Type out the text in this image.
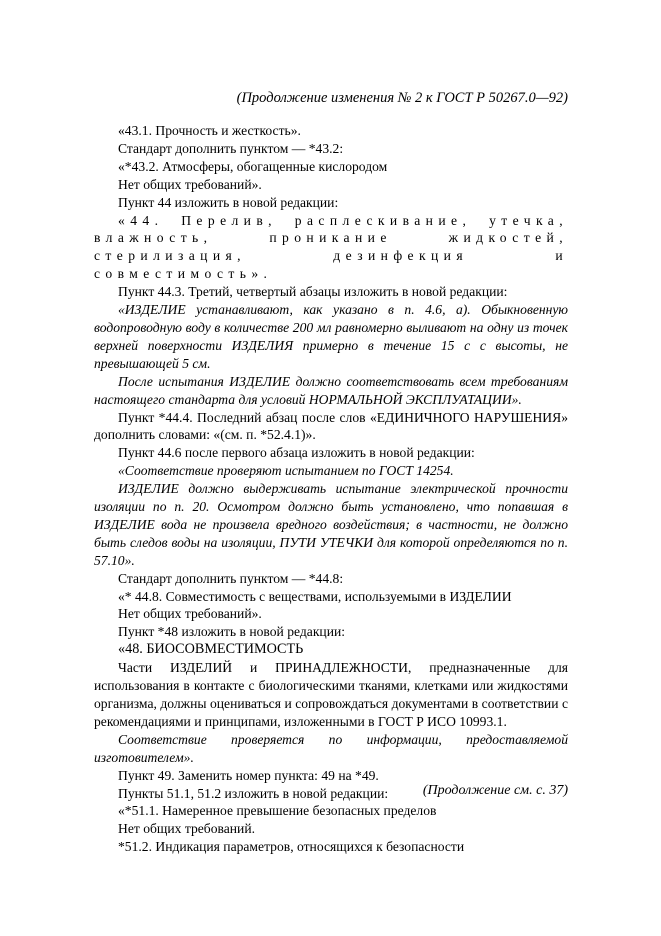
(Продолжение изменения № 2 к ГОСТ Р 50267.0—92)

«43.1. Прочность и жесткость».

Стандарт дополнить пунктом — *43.2:

«*43.2. Атмосферы, обогащенные кислородом

Нет общих требований».

Пункт 44 изложить в новой редакции:

«44. Перелив, расплескивание, утечка, влажность, проникание жидкостей, стерилизация, дезинфекция и совместимость».

Пункт 44.3. Третий, четвертый абзацы изложить в новой редакции:

«ИЗДЕЛИЕ устанавливают, как указано в п. 4.6, а). Обыкновенную водопроводную воду в количестве 200 мл равномерно выливают на одну из точек верхней поверхности ИЗДЕЛИЯ примерно в течение 15 с с высоты, не превышающей 5 см.

После испытания ИЗДЕЛИЕ должно соответствовать всем требованиям настоящего стандарта для условий НОРМАЛЬНОЙ ЭКСПЛУАТАЦИИ».

Пункт *44.4. Последний абзац после слов «ЕДИНИЧНОГО НАРУШЕНИЯ» дополнить словами: «(см. п. *52.4.1)».

Пункт 44.6 после первого абзаца изложить в новой редакции:

«Соответствие проверяют испытанием по ГОСТ 14254.

ИЗДЕЛИЕ должно выдерживать испытание электрической прочности изоляции по п. 20. Осмотром должно быть установлено, что попавшая в ИЗДЕЛИЕ вода не произвела вредного воздействия; в частности, не должно быть следов воды на изоляции, ПУТИ УТЕЧКИ для которой определяются по п. 57.10».

Стандарт дополнить пунктом — *44.8:

«* 44.8. Совместимость с веществами, используемыми в ИЗДЕЛИИ

Нет общих требований».

Пункт *48 изложить в новой редакции:

«48. БИОСОВМЕСТИМОСТЬ

Части ИЗДЕЛИЙ и ПРИНАДЛЕЖНОСТИ, предназначенные для использования в контакте с биологическими тканями, клетками или жидкостями организма, должны оцениваться и сопровождаться документами в соответствии с рекомендациями и принципами, изложенными в ГОСТ Р ИСО 10993.1.

Соответствие проверяется по информации, предоставляемой изготовителем».

Пункт 49. Заменить номер пункта: 49 на *49.

Пункты 51.1, 51.2 изложить в новой редакции:

«*51.1. Намеренное превышение безопасных пределов

Нет общих требований.

*51.2. Индикация параметров, относящихся к безопасности

(Продолжение см. с. 37)
